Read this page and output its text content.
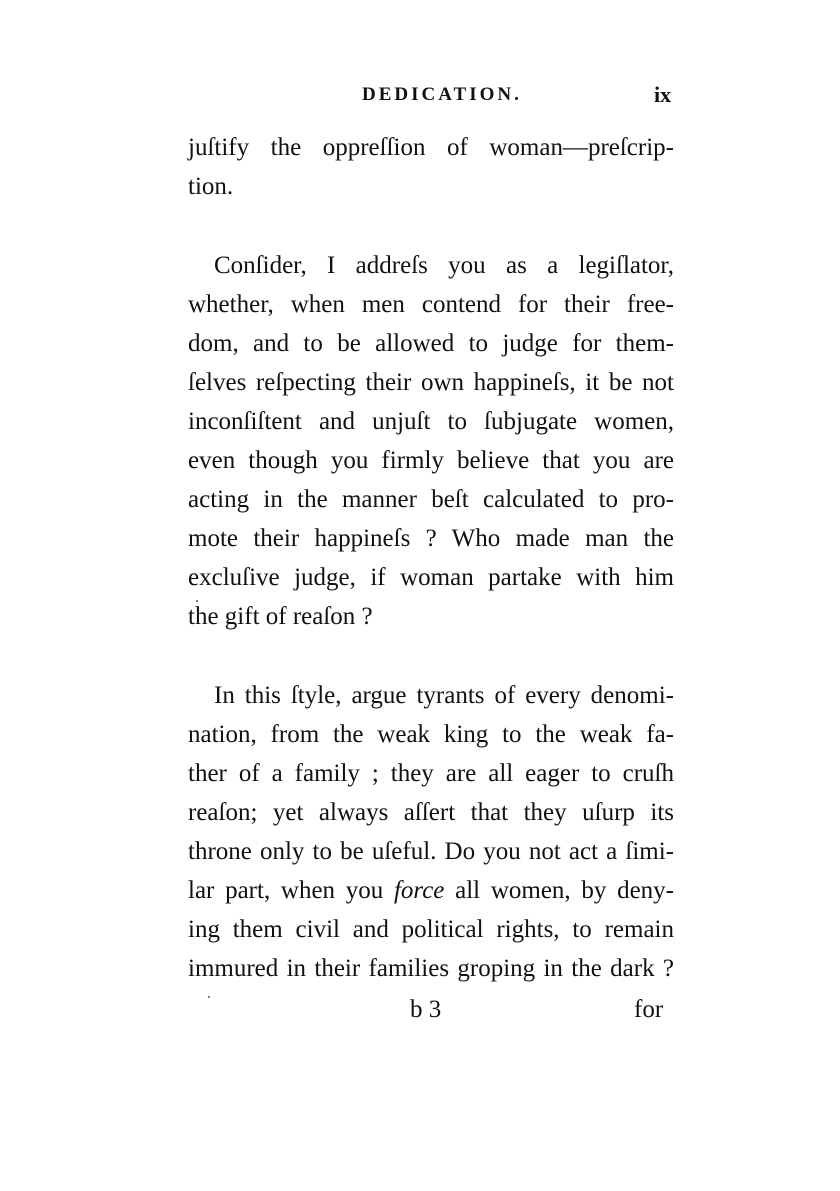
DEDICATION.	ix
juſtify the oppreſſion of woman—preſcrip-
tion.
Conſider, I addreſs you as a legiſlator,
whether, when men contend for their free-
dom, and to be allowed to judge for them-
ſelves reſpecting their own happineſs, it be not
inconſiſtent and unjuſt to ſubjugate women,
even though you firmly believe that you are
acting in the manner beſt calculated to pro-
mote their happineſs ? Who made man the
excluſive judge, if woman partake with him
the gift of reaſon ?
In this ſtyle, argue tyrants of every denomi-
nation, from the weak king to the weak fa-
ther of a family ; they are all eager to cruſh
reaſon; yet always aſſert that they uſurp its
throne only to be uſeful. Do you not act a ſimi-
lar part, when you force all women, by deny-
ing them civil and political rights, to remain
immured in their families groping in the dark ?
b 3	for
